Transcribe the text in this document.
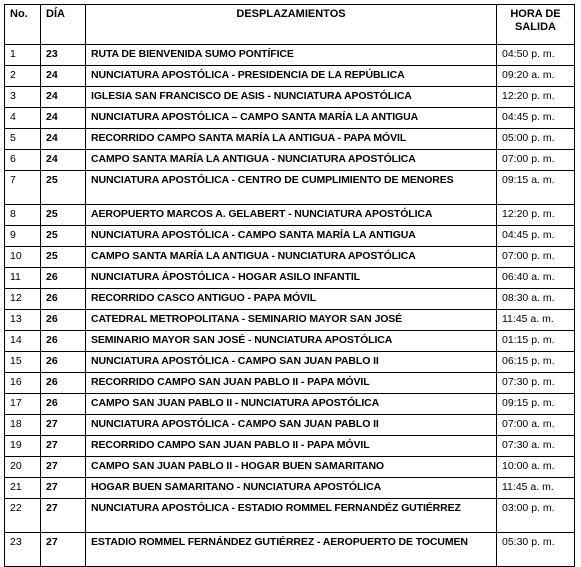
No.	DÍA	DESPLAZAMIENTOS	HORA DE SALIDA
1	23	RUTA DE BIENVENIDA SUMO PONTÍFICE	04:50 p. m.
2	24	NUNCIATURA APOSTÓLICA - PRESIDENCIA DE LA REPÚBLICA	09:20 a. m.
3	24	IGLESIA SAN FRANCISCO DE ASIS - NUNCIATURA APOSTÓLICA	12:20 p. m.
4	24	NUNCIATURA APOSTÓLICA – CAMPO SANTA MARÍA LA ANTIGUA	04:45 p. m.
5	24	RECORRIDO CAMPO SANTA MARÍA LA ANTIGUA - PAPA MÓVIL	05:00 p. m.
6	24	CAMPO SANTA MARÍA LA ANTIGUA - NUNCIATURA APOSTÓLICA	07:00 p. m.
7	25	NUNCIATURA APOSTÓLICA - CENTRO DE CUMPLIMIENTO DE MENORES	09:15 a. m.
8	25	AEROPUERTO MARCOS A. GELABERT - NUNCIATURA APOSTÓLICA	12:20 p. m.
9	25	NUNCIATURA APOSTÓLICA - CAMPO SANTA MARÍA LA ANTIGUA	04:45 p. m.
10	25	CAMPO SANTA MARÍA LA ANTIGUA - NUNCIATURA APOSTÓLICA	07:00 p. m.
11	26	NUNCIATURA ÁPOSTÓLICA - HOGAR ASILO INFANTIL	06:40 a. m.
12	26	RECORRIDO CASCO ANTIGUO - PAPA MÓVIL	08:30 a. m.
13	26	CATEDRAL METROPOLITANA - SEMINARIO MAYOR SAN JOSÉ	11:45 a. m.
14	26	SEMINARIO MAYOR SAN JOSÉ - NUNCIATURA APOSTÓLICA	01:15 p. m.
15	26	NUNCIATURA APOSTÓLICA - CAMPO SAN JUAN PABLO II	06:15 p. m.
16	26	RECORRIDO CAMPO SAN JUAN PABLO II - PAPA MÓVIL	07:30 p. m.
17	26	CAMPO SAN JUAN PABLO II - NUNCIATURA APOSTÓLICA	09:15 p. m.
18	27	NUNCIATURA APOSTÓLICA - CAMPO SAN JUAN PABLO II	07:00 a. m.
19	27	RECORRIDO CAMPO SAN JUAN PABLO II - PAPA MÓVIL	07:30 a. m.
20	27	CAMPO SAN JUAN PABLO II - HOGAR BUEN SAMARITANO	10:00 a. m.
21	27	HOGAR BUEN SAMARITANO - NUNCIATURA APOSTÓLICA	11:45 a. m.
22	27	NUNCIATURA APOSTÓLICA - ESTADIO ROMMEL FERNANDÉZ GUTIÉRREZ	03:00 p. m.
23	27	ESTADIO ROMMEL FERNÁNDEZ GUTIÉRREZ - AEROPUERTO DE TOCUMEN	05:30 p. m.
